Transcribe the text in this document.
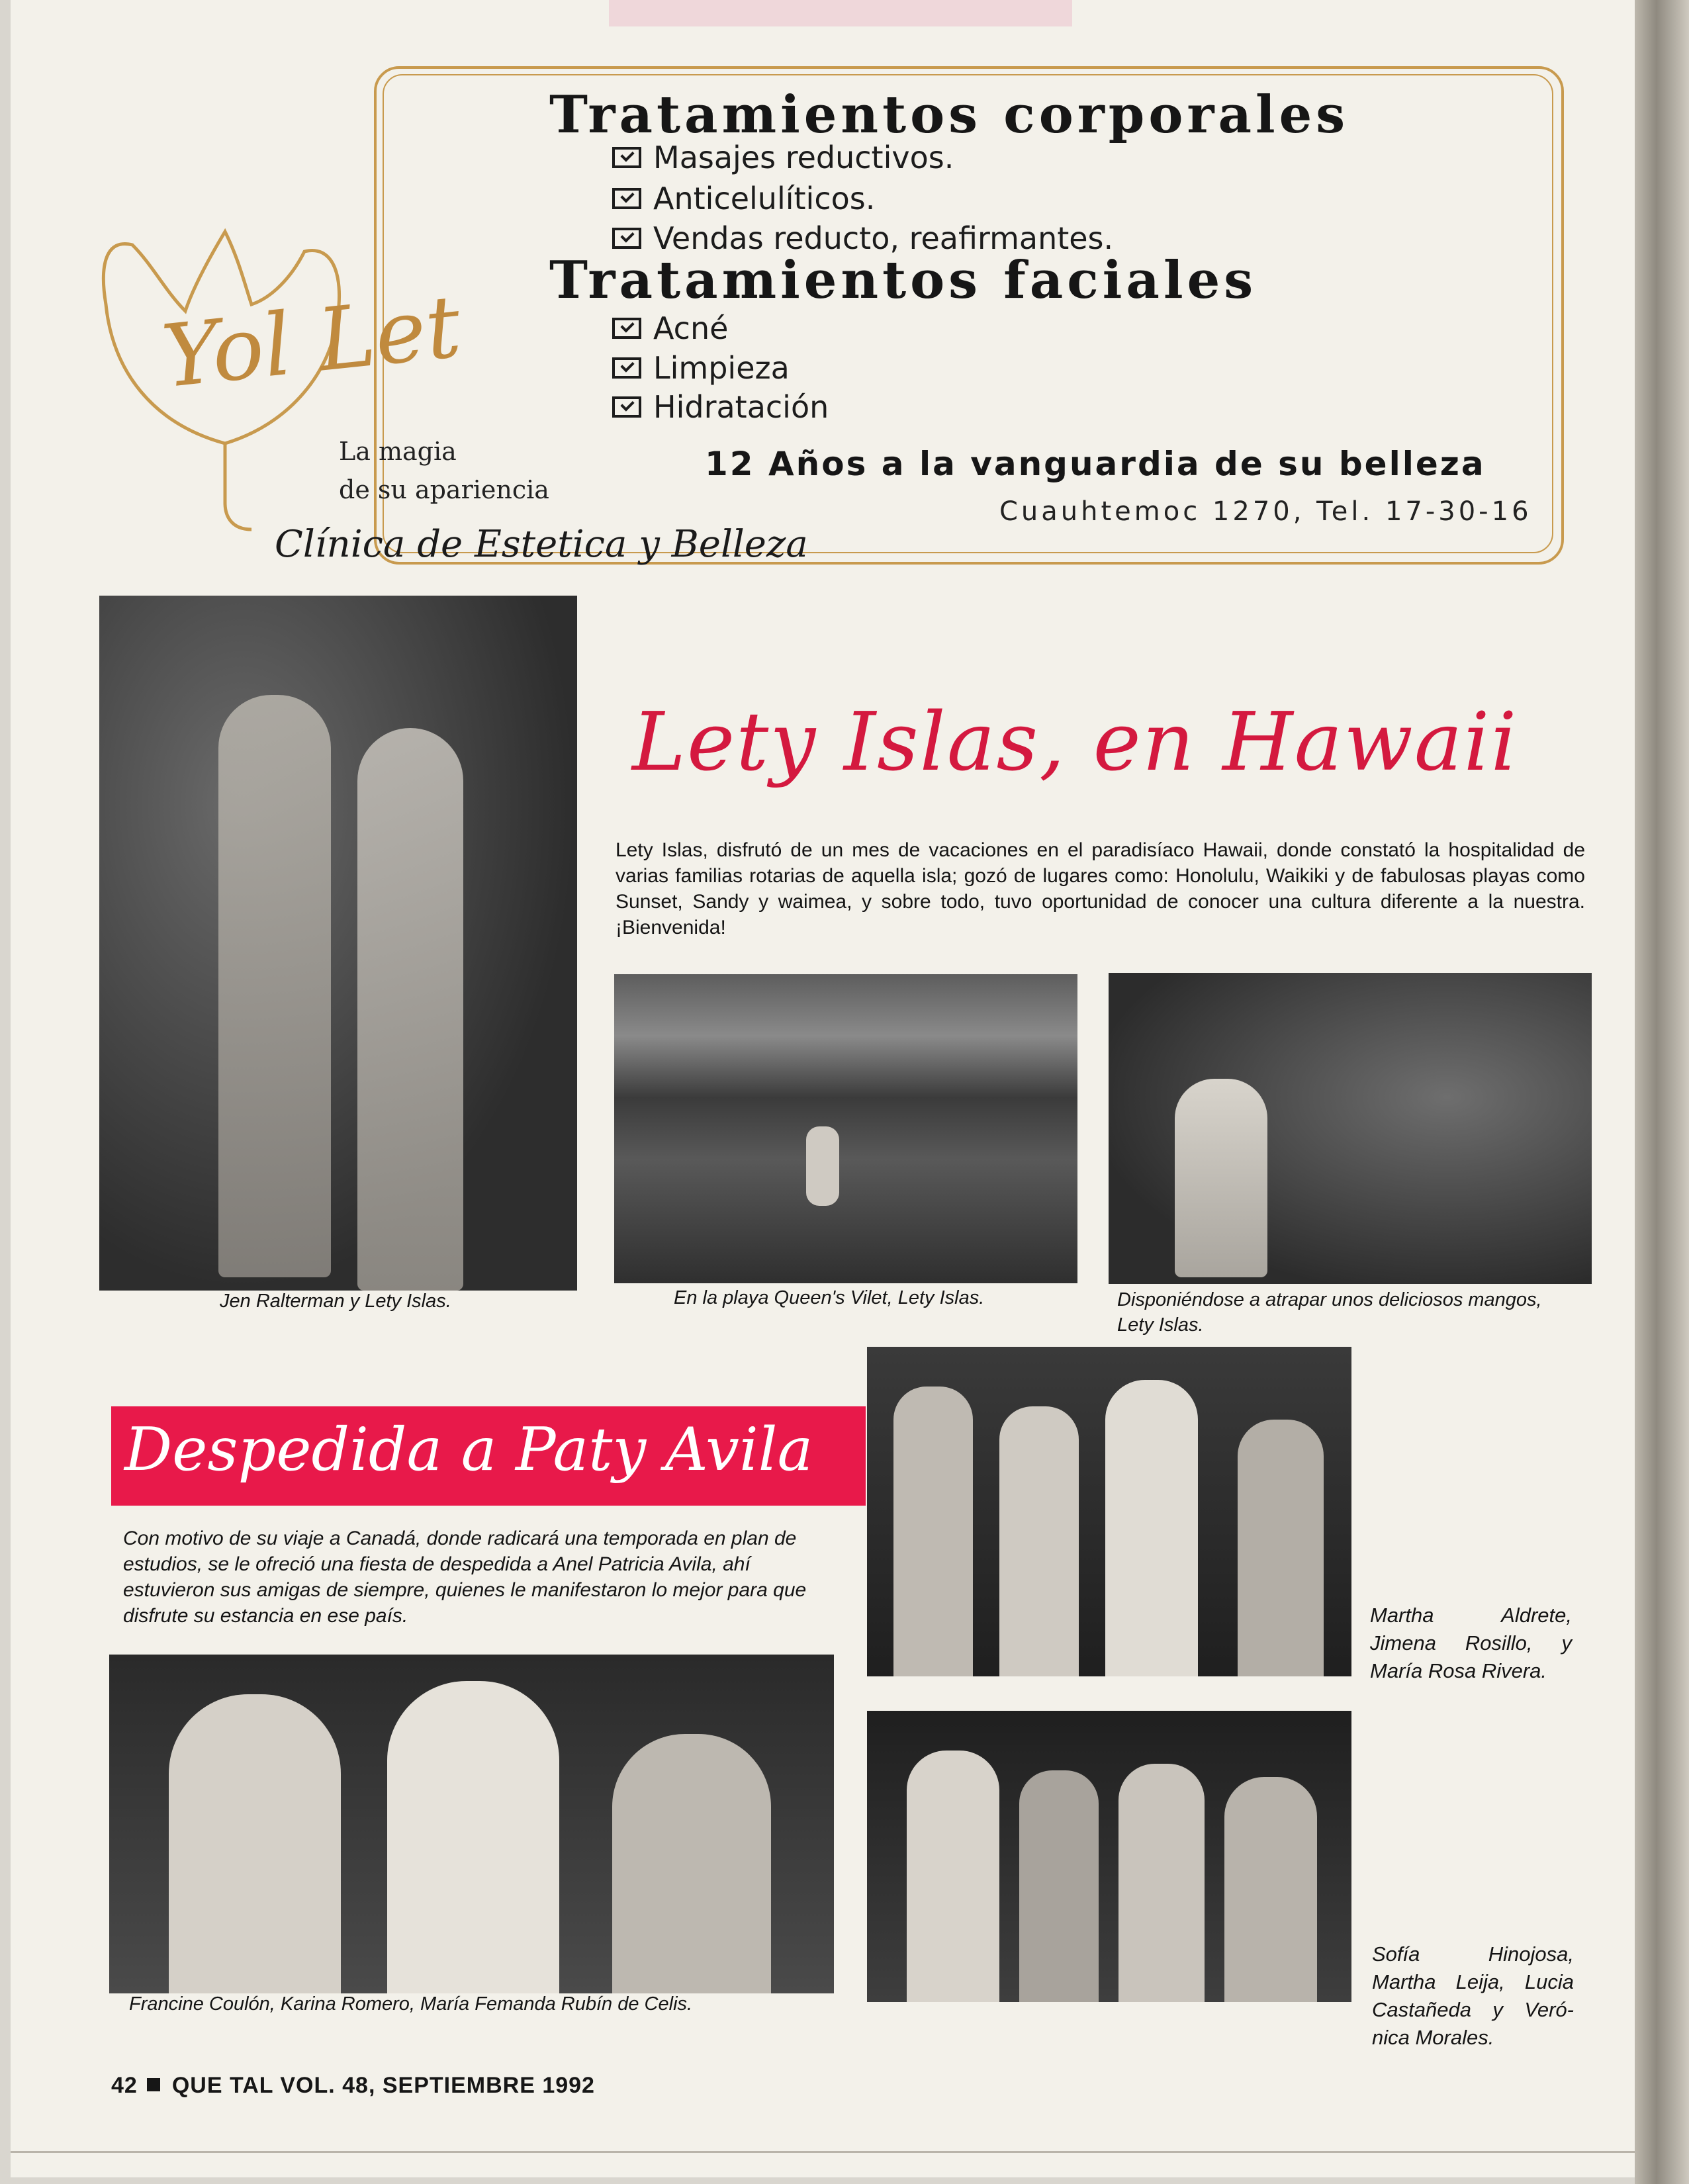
Yol Let
La magia
de su apariencia
Clínica de Estetica y Belleza
Tratamientos corporales
Masajes reductivos.
Anticelulíticos.
Vendas reducto, reafirmantes.
Tratamientos faciales
Acné
Limpieza
Hidratación
12 Años a la vanguardia de su belleza
Cuauhtemoc 1270, Tel. 17-30-16
Jen Ralterman y Lety Islas.
Lety Islas, en Hawaii
Lety Islas, disfrutó de un mes de vacaciones en el paradisíaco Hawaii, donde constató la hospitalidad de varias familias rotarias de aquella isla; gozó de lugares como: Honolulu, Waikiki y de fabulosas playas como Sunset, Sandy y waimea, y sobre todo, tuvo oportunidad de conocer una cultura diferente a la nuestra. ¡Bienvenida!
En la playa Queen's Vilet, Lety Islas.	Disponiéndose a atrapar unos deliciosos mangos,
Lety Islas.
Despedida a Paty Avila
Con motivo de su viaje a Canadá, donde radicará una temporada en plan de estudios, se le ofreció una fiesta de despedida a Anel Patricia Avila, ahí estuvieron sus amigas de siempre, quienes le manifestaron lo mejor para que disfrute su estancia en ese país.	Martha Aldrete,
Jimena Rosillo, y
María Rosa Rivera.
Francine Coulón, Karina Romero, María Femanda Rubín de Celis.
Sofía Hinojosa,
Martha Leija, Lucia
Castañeda y Veró-
nica Morales.
42 QUE TAL VOL. 48, SEPTIEMBRE 1992
